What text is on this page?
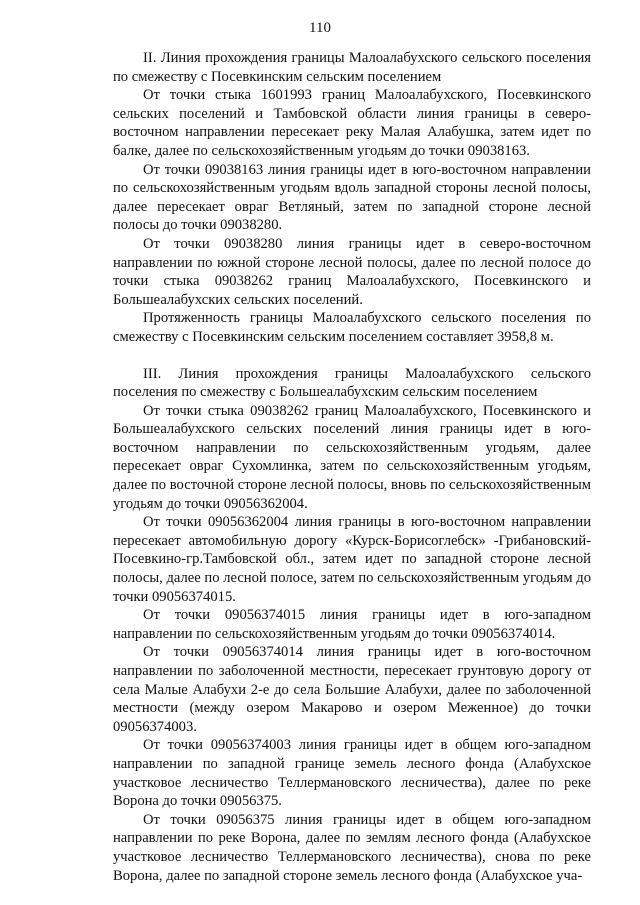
110

II. Линия прохождения границы Малоалабухского сельского поселения по смежеству с Посевкинским сельским поселением

От точки стыка 1601993 границ Малоалабухского, Посевкинского сельских поселений и Тамбовской области линия границы в северо-восточном направлении пересекает реку Малая Алабушка, затем идет по балке, далее по сельскохозяйственным угодьям до точки 09038163.

От точки 09038163 линия границы идет в юго-восточном направлении по сельскохозяйственным угодьям вдоль западной стороны лесной полосы, далее пересекает овраг Ветляный, затем по западной стороне лесной полосы до точки 09038280.

От точки 09038280 линия границы идет в северо-восточном направлении по южной стороне лесной полосы, далее по лесной полосе до точки стыка 09038262 границ Малоалабухского, Посевкинского и Большеалабухских сельских поселений.

Протяженность границы Малоалабухского сельского поселения по смежеству с Посевкинским сельским поселением составляет 3958,8 м.

III. Линия прохождения границы Малоалабухского сельского поселения по смежеству с Большеалабухским сельским поселением

От точки стыка 09038262 границ Малоалабухского, Посевкинского и Большеалабухского сельских поселений линия границы идет в юго-восточном направлении по сельскохозяйственным угодьям, далее пересекает овраг Сухомлинка, затем по сельскохозяйственным угодьям, далее по восточной стороне лесной полосы, вновь по сельскохозяйственным угодьям до точки 09056362004.

От точки 09056362004 линия границы в юго-восточном направлении пересекает автомобильную дорогу «Курск-Борисоглебск» -Грибановский-Посевкино-гр.Тамбовской обл., затем идет по западной стороне лесной полосы, далее по лесной полосе, затем по сельскохозяйственным угодьям до точки 09056374015.

От точки 09056374015 линия границы идет в юго-западном направлении по сельскохозяйственным угодьям до точки 09056374014.

От точки 09056374014 линия границы идет в юго-восточном направлении по заболоченной местности, пересекает грунтовую дорогу от села Малые Алабухи 2-е до села Большие Алабухи, далее по заболоченной местности (между озером Макарово и озером Меженное) до точки 09056374003.

От точки 09056374003 линия границы идет в общем юго-западном направлении по западной границе земель лесного фонда (Алабухское участковое лесничество Теллермановского лесничества), далее по реке Ворона до точки 09056375.

От точки 09056375 линия границы идет в общем юго-западном направлении по реке Ворона, далее по землям лесного фонда (Алабухское участковое лесничество Теллермановского лесничества), снова по реке Ворона, далее по западной стороне земель лесного фонда (Алабухское уча-
